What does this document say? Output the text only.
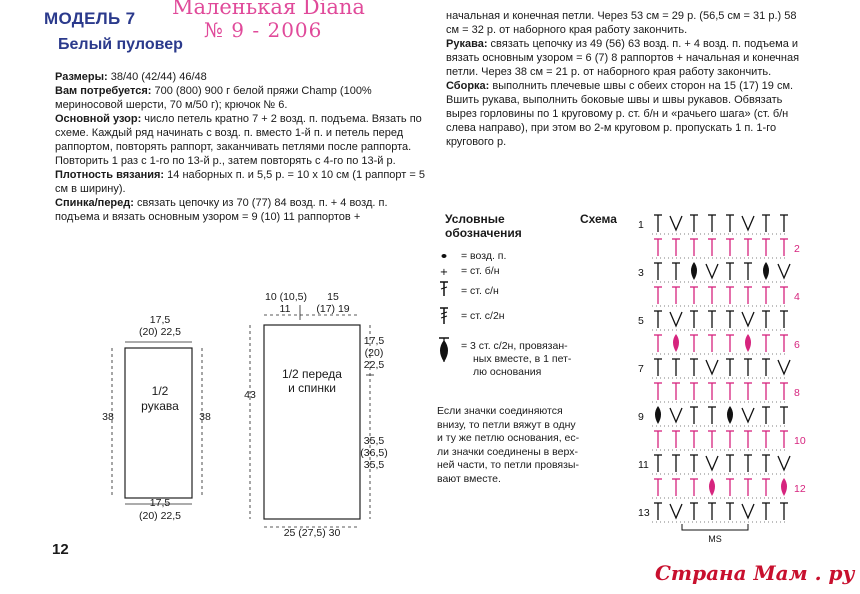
МОДЕЛЬ 7
Белый пуловер
Маленькая Diana
№ 9 - 2006

Размеры: 38/40 (42/44) 46/48

Вам потребуется: 700 (800) 900 г белой пряжи Champ (100% мериносовой шерсти, 70 м/50 г); крючок № 6.

Основной узор: число петель кратно 7 + 2 возд. п. подъема. Вязать по схеме. Каждый ряд начинать с возд. п. вместо 1-й п. и петель перед раппортом, повторять раппорт, заканчивать петлями после раппорта. Повторить 1 раз с 1-го по 13-й р., затем повторять с 4-го по 13-й р.

Плотность вязания: 14 наборных п. и 5,5 р. = 10 х 10 см (1 раппорт = 5 см в ширину).

Спинка/перед: связать цепочку из 70 (77) 84 возд. п. + 4 возд. п. подъема и вязать основным узором = 9 (10) 11 раппортов +

начальная и конечная петли. Через 53 см = 29 р. (56,5 см = 31 р.) 58 см = 32 р. от наборного края работу закончить.

Рукава: связать цепочку из 49 (56) 63 возд. п. + 4 возд. п. подъема и вязать основным узором = 6 (7) 8 раппортов + начальная и конечная петли. Через 38 см = 21 р. от наборного края работу закончить.

Сборка: выполнить плечевые швы с обеих сторон на 15 (17) 19 см. Вшить рукава, выполнить боковые швы и швы рукавов. Обвязать вырез горловины по 1 круговому р. ст. б/н и «рачьего шага» (ст. б/н слева направо), при этом во 2-м круговом р. пропускать 1 п. 1-го кругового р.

17,5
(20) 22,5
1/2
рукава
38	38
17,5
(20) 22,5
10 (10,5)
11
15
(17) 19
1/2 переда
и спинки
43
17,5
(20)
22,5
35,5
(36,5)
35,5
25 (27,5) 30
12
Условные
обозначения
+
= возд. п.
= ст. б/н
= ст. с/н
= ст. с/2н
= 3 ст. с/2н, провязан-
ных вместе, в 1 пет-
лю основания
Если значки соединяются
внизу, то петли вяжут в одну
и ту же петлю основания, ес-
ли значки соединены в верх-
ней части, то петли провязы-
вают вместе.
Схема
13
11
9
7
5
3
1
12
10
8
6
4
2
MS
Страна Мам . ру
